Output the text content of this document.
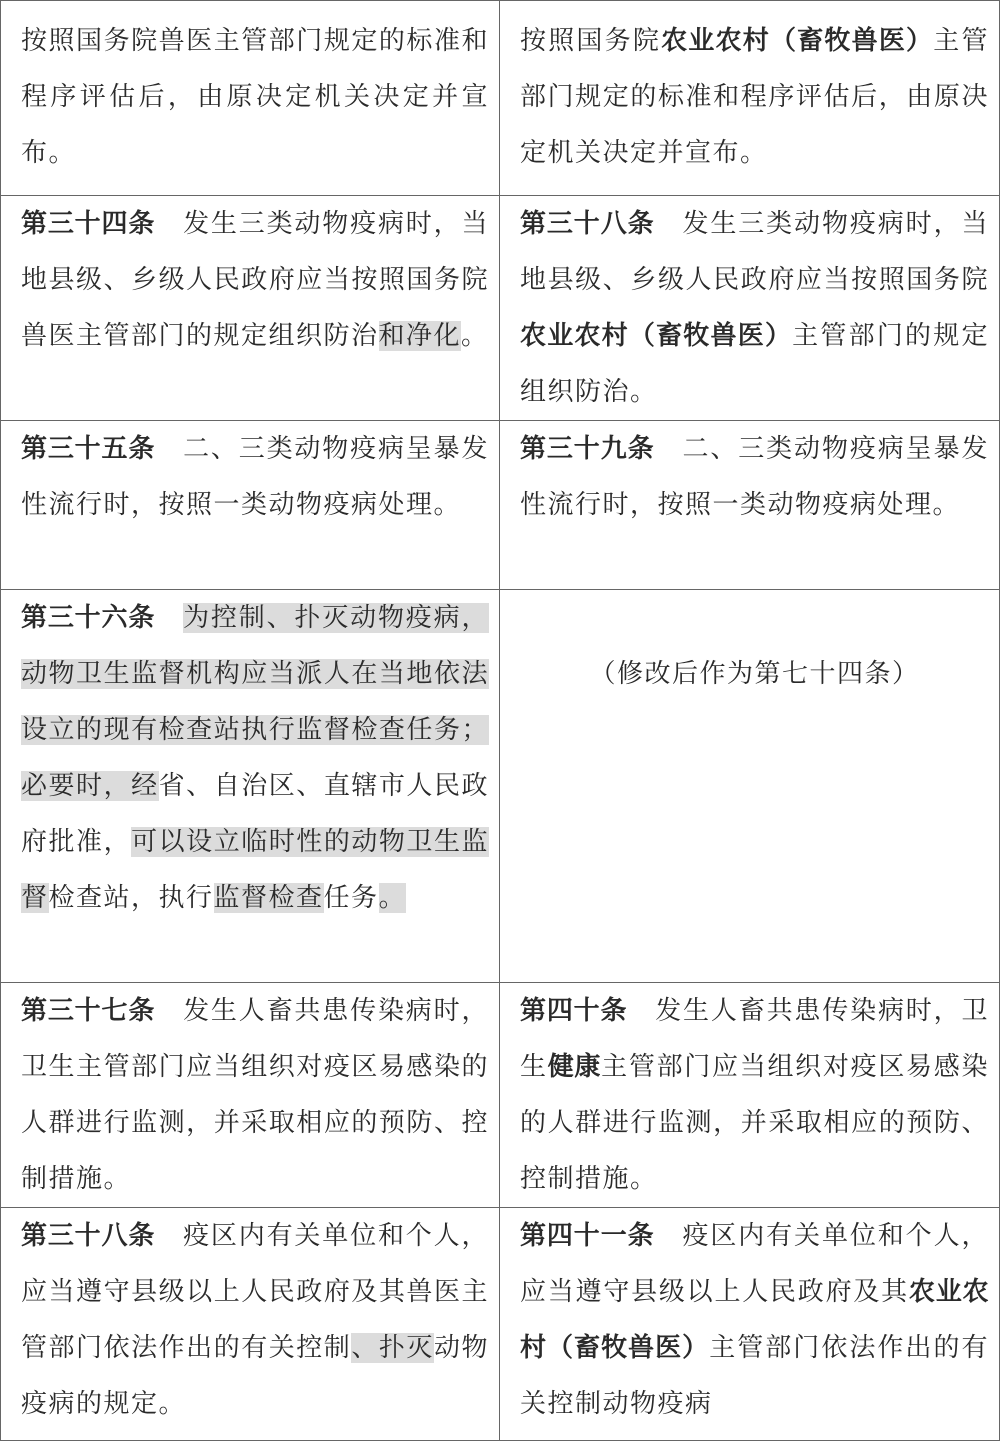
按照国务院兽医主管部门规定的标准和程序评估后，由原决定机关决定并宣布。	按照国务院农业农村（畜牧兽医）主管部门规定的标准和程序评估后，由原决定机关决定并宣布。
第三十四条　 发生三类动物疫病时，当地县级、乡级人民政府应当按照国务院兽医主管部门的规定组织防治和净化。	第三十八条　 发生三类动物疫病时，当地县级、乡级人民政府应当按照国务院农业农村（畜牧兽医）主管部门的规定组织防治。
第三十五条　 二、三类动物疫病呈暴发性流行时，按照一类动物疫病处理。	第三十九条　 二、三类动物疫病呈暴发性流行时，按照一类动物疫病处理。
第三十六条　 为控制、扑灭动物疫病，动物卫生监督机构应当派人在当地依法设立的现有检查站执行监督检查任务；必要时，经省、自治区、直辖市人民政府批准，可以设立临时性的动物卫生监督检查站，执行监督检查任务。	（修改后作为第七十四条）

第三十七条　 发生人畜共患传染病时，卫生主管部门应当组织对疫区易感染的人群进行监测，并采取相应的预防、控制措施。	第四十条　 发生人畜共患传染病时，卫生健康主管部门应当组织对疫区易感染的人群进行监测，并采取相应的预防、控制措施。
第三十八条　 疫区内有关单位和个人，应当遵守县级以上人民政府及其兽医主管部门依法作出的有关控制、扑灭动物疫病的规定。	第四十一条　 疫区内有关单位和个人，应当遵守县级以上人民政府及其农业农村（畜牧兽医）主管部门依法作出的有关控制动物疫病
